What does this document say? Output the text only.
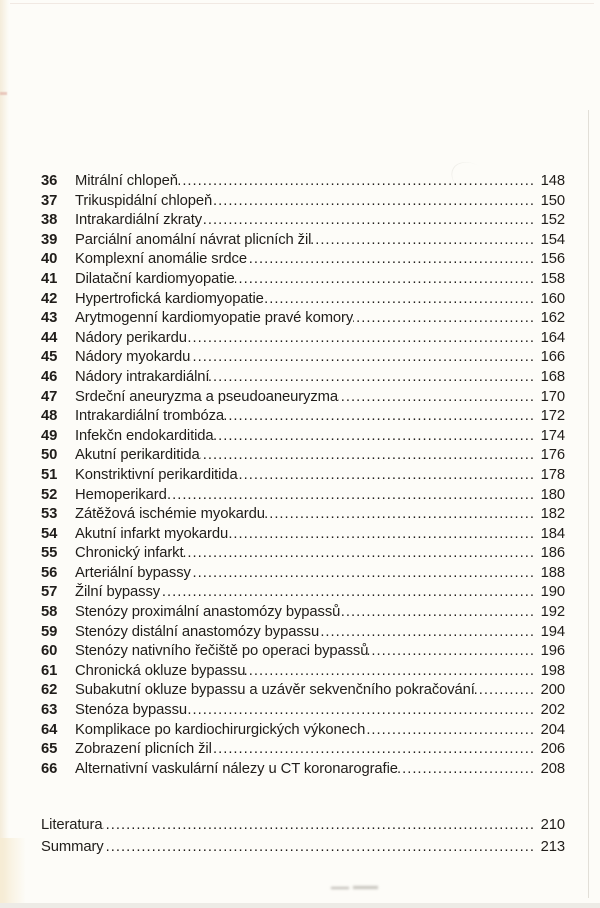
36	Mitrální chlopeň .....	148
37	Trikuspidální chlopeň .....	150
38	Intrakardiální zkraty .....	152
39	Parciální anomální návrat plicních žil .....	154
40	Komplexní anomálie srdce .....	156
41	Dilatační kardiomyopatie .....	158
42	Hypertrofická kardiomyopatie .....	160
43	Arytmogenní kardiomyopatie pravé komory .....	162
44	Nádory perikardu .....	164
45	Nádory myokardu .....	166
46	Nádory intrakardiální .....	168
47	Srdeční aneuryzma a pseudoaneuryzma .....	170
48	Intrakardiální trombóza .....	172
49	Infekčn endokarditida .....	174
50	Akutní perikarditida .....	176
51	Konstriktivní perikarditida .....	178
52	Hemoperikard .....	180
53	Zátěžová ischémie myokardu .....	182
54	Akutní infarkt myokardu .....	184
55	Chronický infarkt .....	186
56	Arteriální bypassy .....	188
57	Žilní bypassy .....	190
58	Stenózy proximální anastomózy bypassů .....	192
59	Stenózy distální anastomózy bypassu .....	194
60	Stenózy nativního řečiště po operaci bypassů .....	196
61	Chronická okluze bypassu .....	198
62	Subakutní okluze bypassu a uzávěr sekvenčního pokračování .....	200
63	Stenóza bypassu .....	202
64	Komplikace po kardiochirurgických výkonech .....	204
65	Zobrazení plicních žil .....	206
66	Alternativní vaskulární nálezy u CT koronarografie .....	208
Literatura .....	210
Summary .....	213
